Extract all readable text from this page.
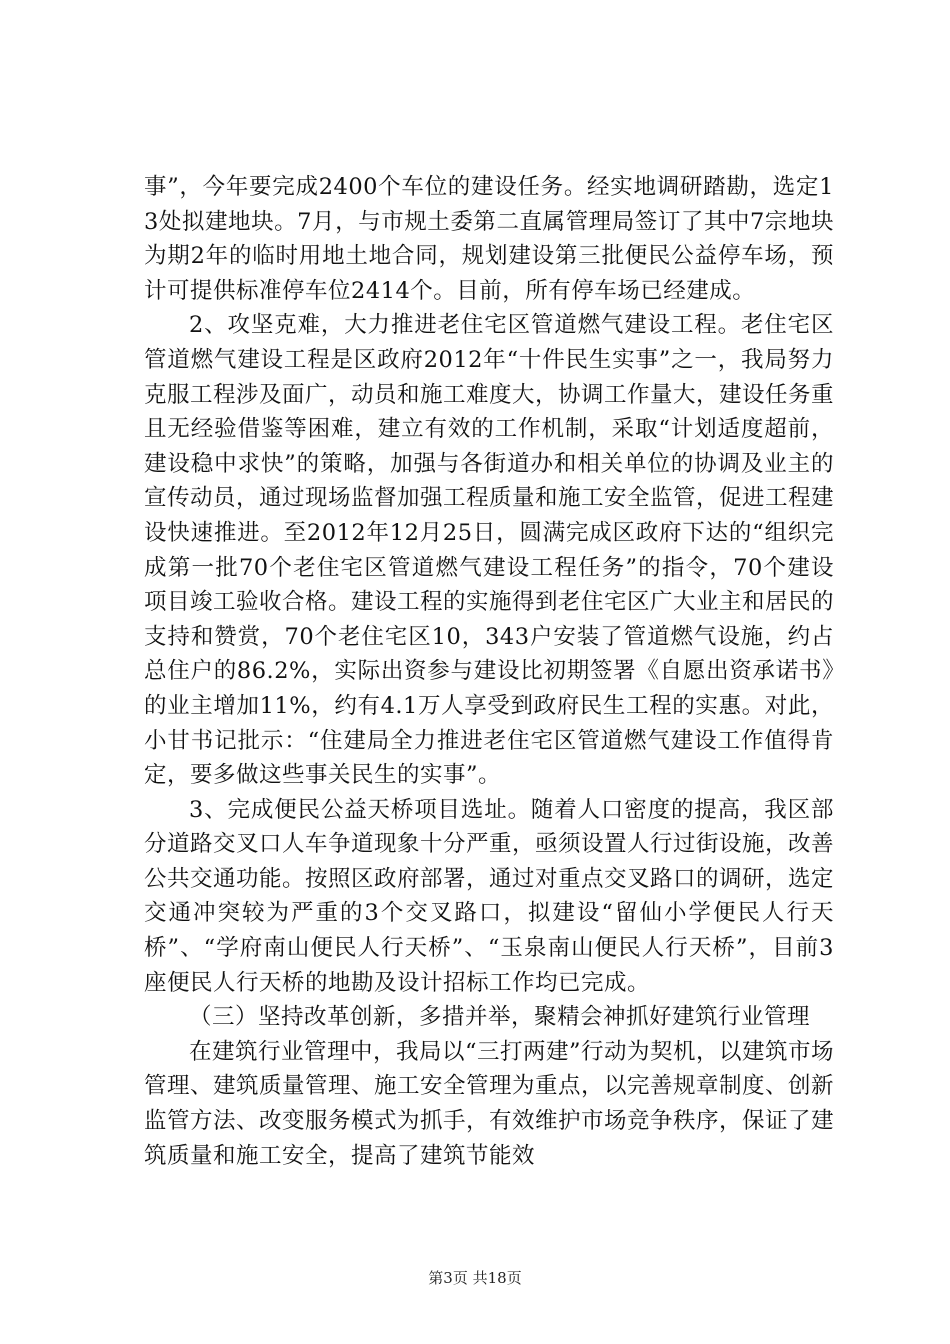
事”，今年要完成2400个车位的建设任务。经实地调研踏勘，选定13处拟建地块。7月，与市规土委第二直属管理局签订了其中7宗地块为期2年的临时用地土地合同，规划建设第三批便民公益停车场，预计可提供标准停车位2414个。目前，所有停车场已经建成。

2、攻坚克难，大力推进老住宅区管道燃气建设工程。老住宅区管道燃气建设工程是区政府2012年“十件民生实事”之一，我局努力克服工程涉及面广，动员和施工难度大，协调工作量大，建设任务重且无经验借鉴等困难，建立有效的工作机制，采取“计划适度超前，建设稳中求快”的策略，加强与各街道办和相关单位的协调及业主的宣传动员，通过现场监督加强工程质量和施工安全监管，促进工程建设快速推进。至2012年12月25日，圆满完成区政府下达的“组织完成第一批70个老住宅区管道燃气建设工程任务”的指令，70个建设项目竣工验收合格。建设工程的实施得到老住宅区广大业主和居民的支持和赞赏，70个老住宅区10，343户安装了管道燃气设施，约占总住户的86.2%，实际出资参与建设比初期签署《自愿出资承诺书》的业主增加11%，约有4.1万人享受到政府民生工程的实惠。对此，小甘书记批示：“住建局全力推进老住宅区管道燃气建设工作值得肯定，要多做这些事关民生的实事”。

3、完成便民公益天桥项目选址。随着人口密度的提高，我区部分道路交叉口人车争道现象十分严重，亟须设置人行过街设施，改善公共交通功能。按照区政府部署，通过对重点交叉路口的调研，选定交通冲突较为严重的3个交叉路口，拟建设“留仙小学便民人行天桥”、“学府南山便民人行天桥”、“玉泉南山便民人行天桥”，目前3座便民人行天桥的地勘及设计招标工作均已完成。

（三）坚持改革创新，多措并举，聚精会神抓好建筑行业管理

在建筑行业管理中，我局以“三打两建”行动为契机，以建筑市场管理、建筑质量管理、施工安全管理为重点，以完善规章制度、创新监管方法、改变服务模式为抓手，有效维护市场竞争秩序，保证了建筑质量和施工安全，提高了建筑节能效

第3页 共18页
